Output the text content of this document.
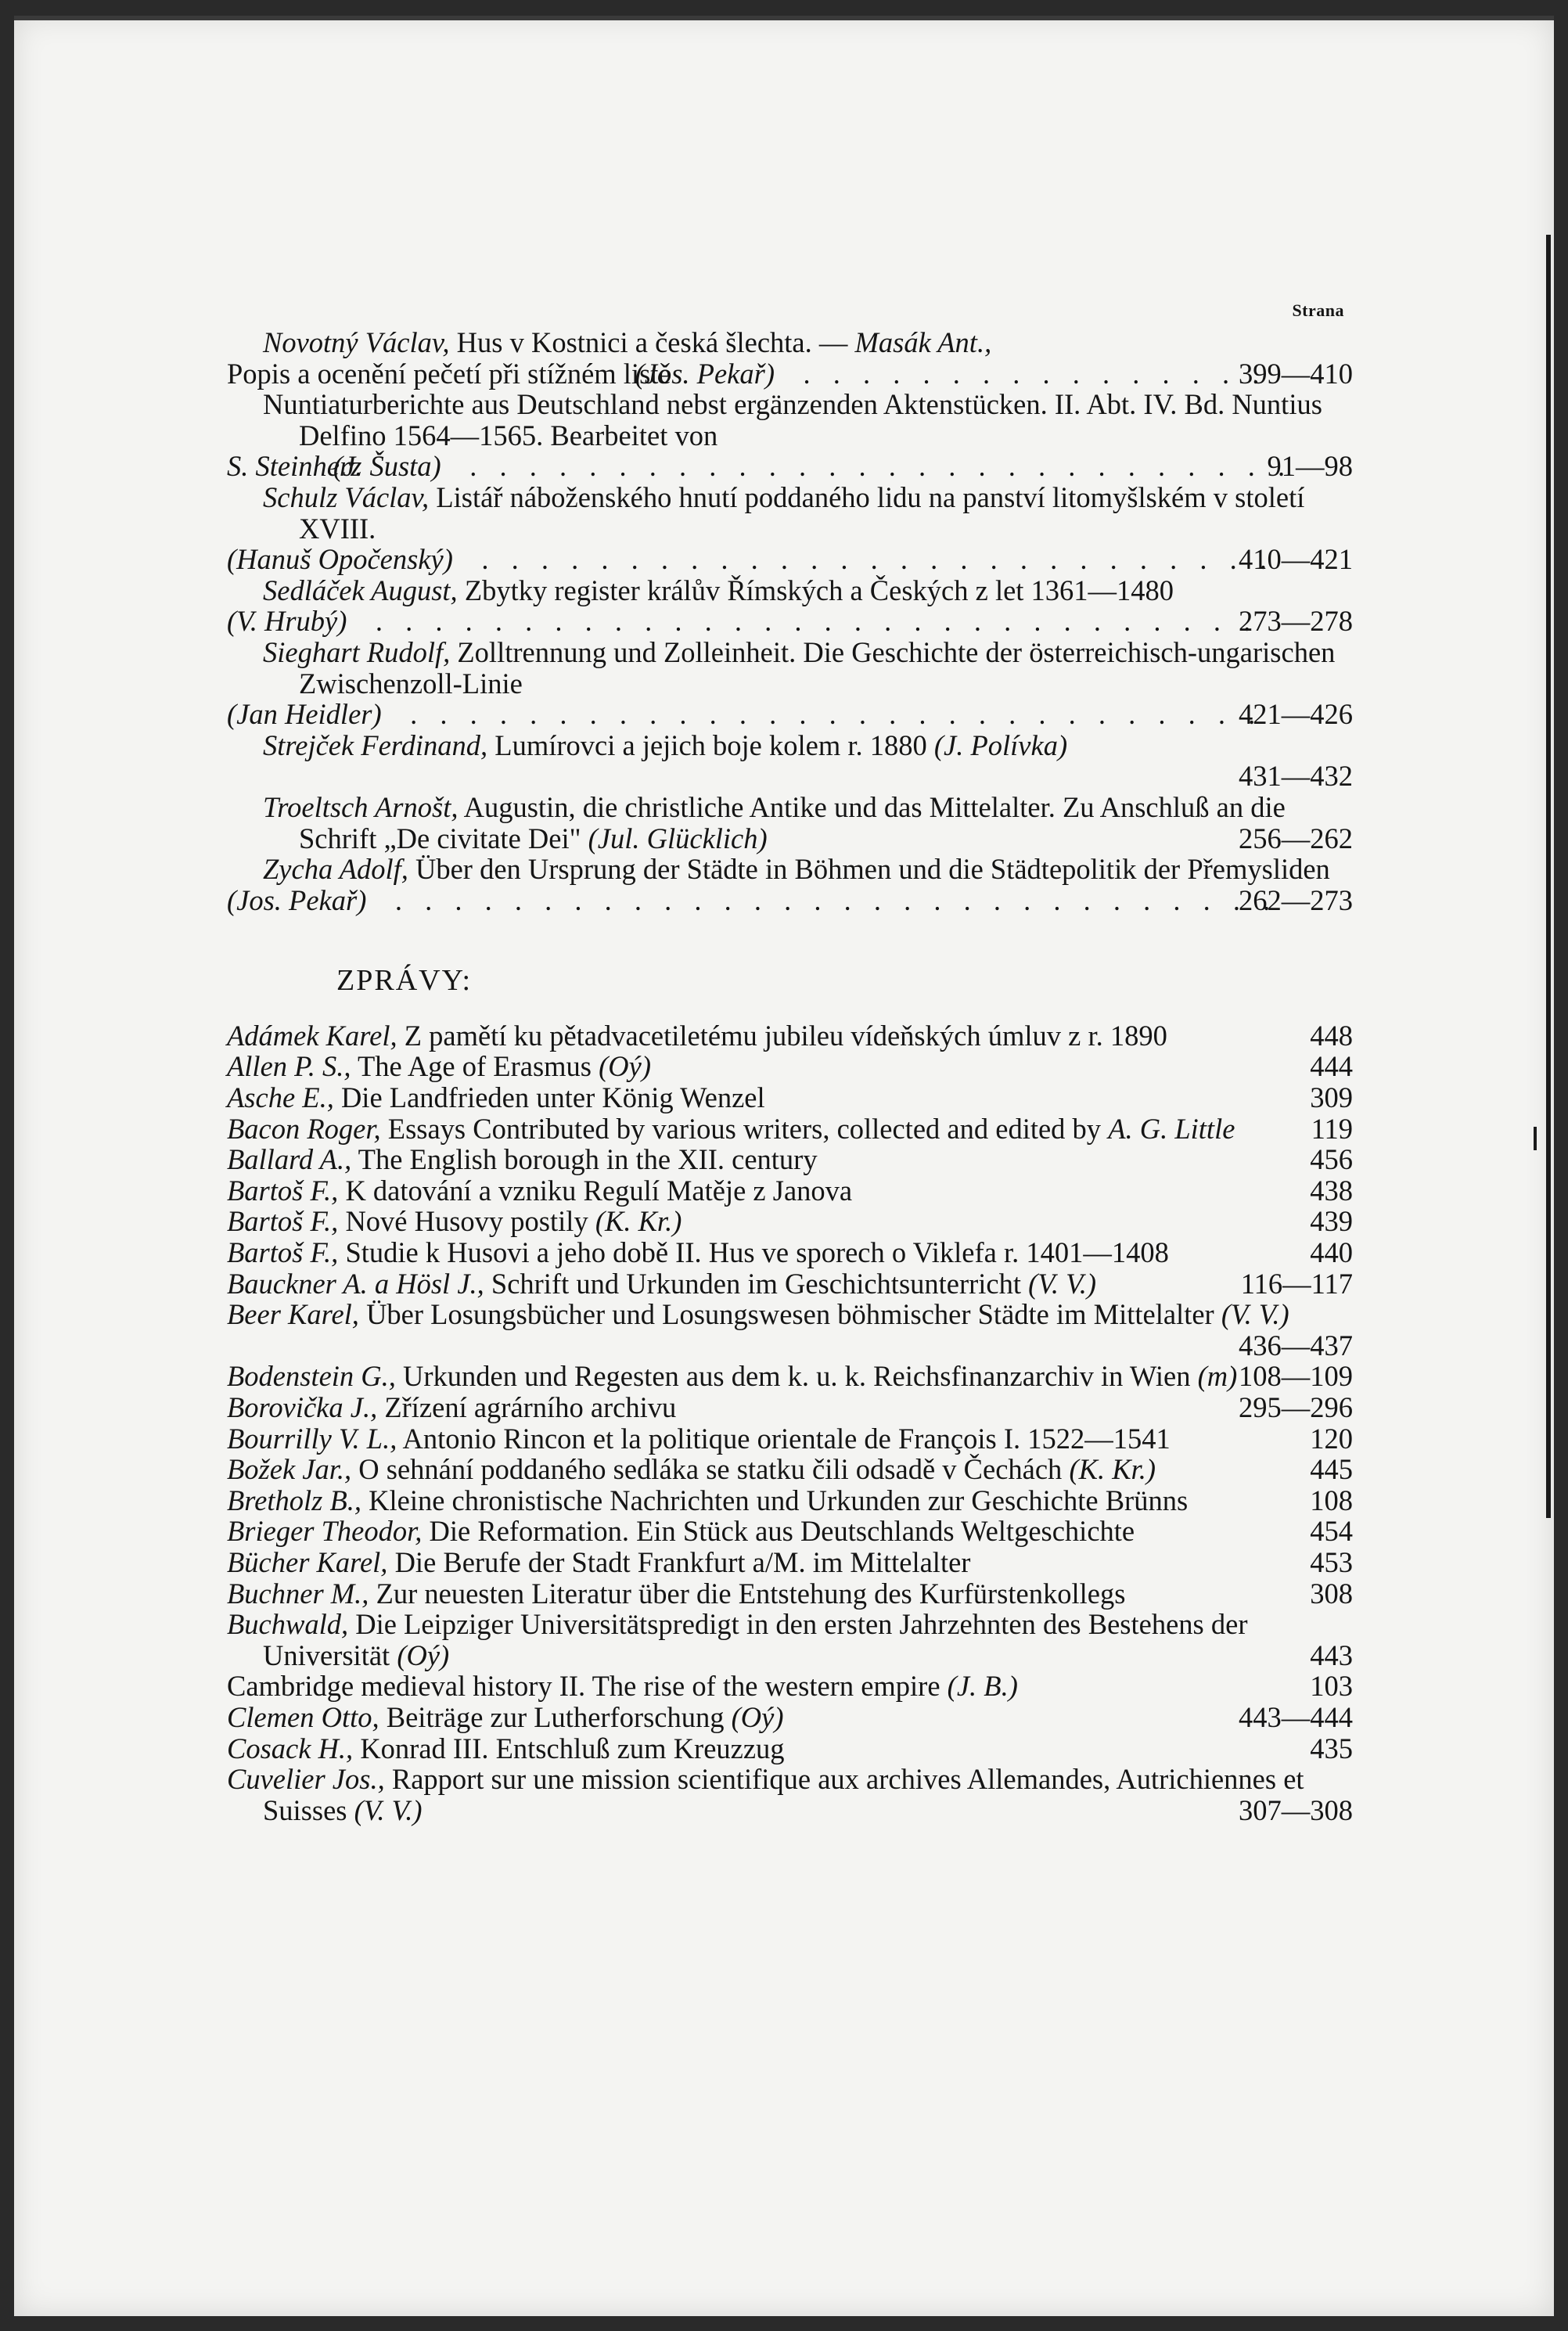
Strana
Novotný Václav, Hus v Kostnici a česká šlechta. — Masák Ant.,
Popis a ocenění pečetí při stížném listě

(Jos. Pekař) . . .	399—410
Nuntiaturberichte aus Deutschland nebst ergänzenden Aktenstücken. II. Abt. IV. Bd. Nuntius Delfino 1564—1565. Bearbeitet von
S. Steinherz

(J. Šusta) . . .	91—98
Schulz Václav, Listář náboženského hnutí poddaného lidu na panství litomyšlském v století XVIII.
(Hanuš Opočenský) . . .	410—421
Sedláček August, Zbytky register králův Římských a Českých z let 1361—1480
(V. Hrubý) . . .	273—278
Sieghart Rudolf, Zolltrennung und Zolleinheit. Die Geschichte der österreichisch-ungarischen Zwischenzoll-Linie
(Jan Heidler) . . .	421—426
Strejček Ferdinand, Lumírovci a jejich boje kolem r. 1880 (J. Polívka)
431—432
Troeltsch Arnošt, Augustin, die christliche Antike und das Mittelalter. Zu Anschluß an die Schrift „De civitate Dei" (Jul. Glücklich)	256—262
Zycha Adolf, Über den Ursprung der Städte in Böhmen und die Städtepolitik der Přemysliden
(Jos. Pekař) . . .	262—273
ZPRÁVY:
Adámek Karel, Z pamětí ku pětadvacetiletému jubileu vídeňských úmluv z r. 1890	448
Allen P. S., The Age of Erasmus (Oý)	444
Asche E., Die Landfrieden unter König Wenzel	309
Bacon Roger, Essays Contributed by various writers, collected and edited by A. G. Little	119
Ballard A., The English borough in the XII. century	456
Bartoš F., K datování a vzniku Regulí Matěje z Janova	438
Bartoš F., Nové Husovy postily (K. Kr.)	439
Bartoš F., Studie k Husovi a jeho době II. Hus ve sporech o Viklefa r. 1401—1408	440
Bauckner A. a Hösl J., Schrift und Urkunden im Geschichtsunterricht (V. V.)	116—117
Beer Karel, Über Losungsbücher und Losungswesen böhmischer Städte im Mittelalter (V. V.)
436—437
Bodenstein G., Urkunden und Regesten aus dem k. u. k. Reichsfinanzarchiv in Wien (m) 108—109
Borovička J., Zřízení agrárního archivu	295—296
Bourrilly V. L., Antonio Rincon et la politique orientale de François I. 1522—1541	120
Božek Jar., O sehnání poddaného sedláka se statku čili odsadě v Čechách (K. Kr.)	445
Bretholz B., Kleine chronistische Nachrichten und Urkunden zur Geschichte Brünns	108
Brieger Theodor, Die Reformation. Ein Stück aus Deutschlands Weltgeschichte	454
Bücher Karel, Die Berufe der Stadt Frankfurt a/M. im Mittelalter	453
Buchner M., Zur neuesten Literatur über die Entstehung des Kurfürstenkollegs	308
Buchwald, Die Leipziger Universitätspredigt in den ersten Jahrzehnten des Bestehens der Universität (Oý)	443
Cambridge medieval history II. The rise of the western empire (J. B.)	103
Clemen Otto, Beiträge zur Lutherforschung (Oý)	443—444
Cosack H., Konrad III. Entschluß zum Kreuzzug	435
Cuvelier Jos., Rapport sur une mission scientifique aux archives Allemandes, Autrichiennes et Suisses (V. V.)	307—308
